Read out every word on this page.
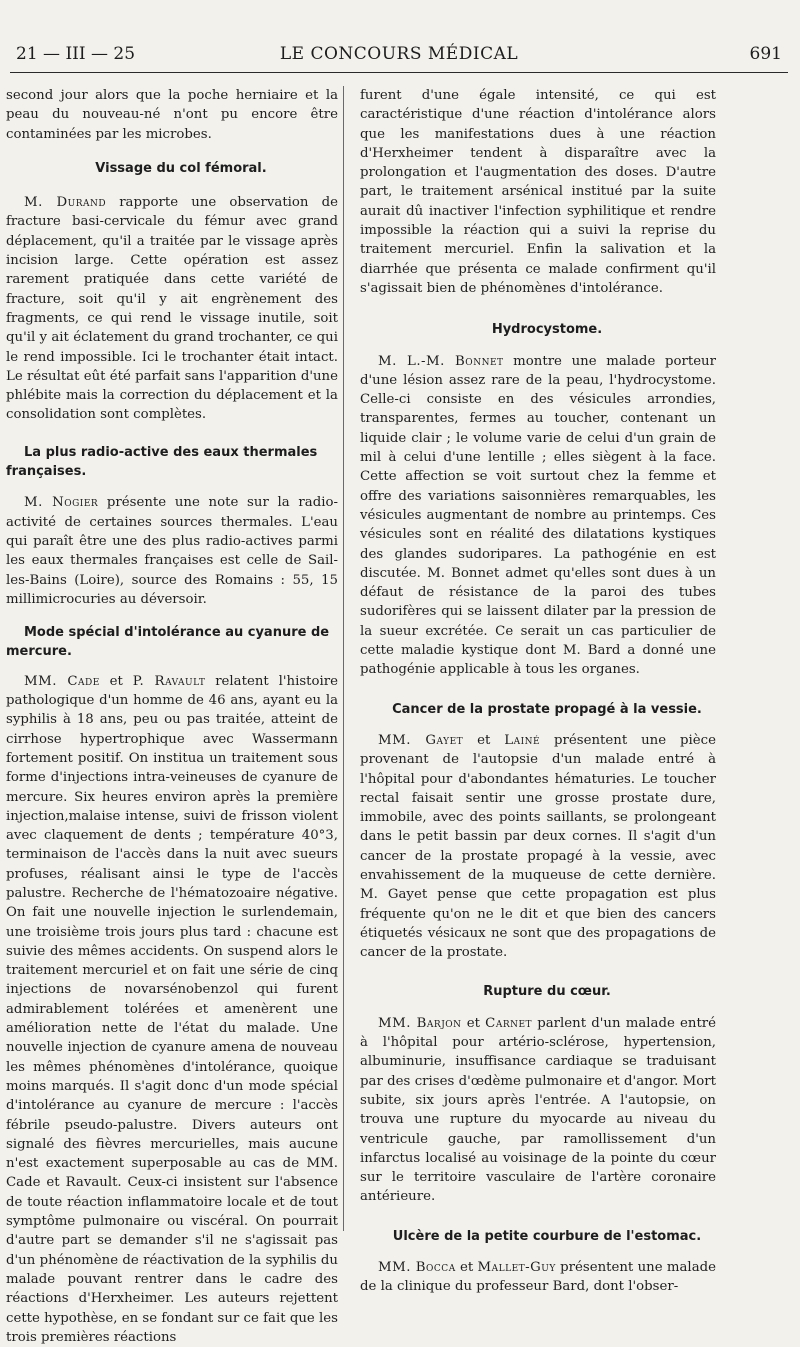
21 — III — 25	LE CONCOURS MÉDICAL	691

second jour alors que la poche herniaire et la peau du nouveau-né n'ont pu encore être contaminées par les microbes.

Vissage du col fémoral.

M. Durand rapporte une observation de fracture basi-cervicale du fémur avec grand déplacement, qu'il a traitée par le vissage après incision large. Cette opération est assez rarement pratiquée dans cette variété de fracture, soit qu'il y ait engrènement des fragments, ce qui rend le vissage inutile, soit qu'il y ait éclatement du grand trochanter, ce qui le rend impossible. Ici le trochanter était intact. Le résultat eût été parfait sans l'apparition d'une phlébite mais la correction du déplacement et la consolidation sont complètes.

La plus radio-active des eaux thermales françaises.

M. Nogier présente une note sur la radio-activité de certaines sources thermales. L'eau qui paraît être une des plus radio-actives parmi les eaux thermales françaises est celle de Sail-les-Bains (Loire), source des Romains : 55, 15 millimicrocuries au déversoir.

Mode spécial d'intolérance au cyanure de mercure.

MM. Cade et P. Ravault relatent l'histoire pathologique d'un homme de 46 ans, ayant eu la syphilis à 18 ans, peu ou pas traitée, atteint de cirrhose hypertrophique avec Wassermann fortement positif. On institua un traitement sous forme d'injections intra-veineuses de cyanure de mercure. Six heures environ après la première injection,malaise intense, suivi de frisson violent avec claquement de dents ; température 40°3, terminaison de l'accès dans la nuit avec sueurs profuses, réalisant ainsi le type de l'accès palustre. Recherche de l'hématozoaire négative. On fait une nouvelle injection le surlendemain, une troisième trois jours plus tard : chacune est suivie des mêmes accidents. On suspend alors le traitement mercuriel et on fait une série de cinq injections de novarsénobenzol qui furent admirablement tolérées et amenèrent une amélioration nette de l'état du malade. Une nouvelle injection de cyanure amena de nouveau les mêmes phénomènes d'intolérance, quoique moins marqués. Il s'agit donc d'un mode spécial d'intolérance au cyanure de mercure : l'accès fébrile pseudo-palustre. Divers auteurs ont signalé des fièvres mercurielles, mais aucune n'est exactement superposable au cas de MM. Cade et Ravault. Ceux-ci insistent sur l'absence de toute réaction inflammatoire locale et de tout symptôme pulmonaire ou viscéral. On pourrait d'autre part se demander s'il ne s'agissait pas d'un phénomène de réactivation de la syphilis du malade pouvant rentrer dans le cadre des réactions d'Herxheimer. Les auteurs rejettent cette hypothèse, en se fondant sur ce fait que les trois premières réactions

furent d'une égale intensité, ce qui est caractéristique d'une réaction d'intolérance alors que les manifestations dues à une réaction d'Herxheimer tendent à disparaître avec la prolongation et l'augmentation des doses. D'autre part, le traitement arsénical institué par la suite aurait dû inactiver l'infection syphilitique et rendre impossible la réaction qui a suivi la reprise du traitement mercuriel. Enfin la salivation et la diarrhée que présenta ce malade confirment qu'il s'agissait bien de phénomènes d'intolérance.

Hydrocystome.

M. L.-M. Bonnet montre une malade porteur d'une lésion assez rare de la peau, l'hydrocystome. Celle-ci consiste en des vésicules arrondies, transparentes, fermes au toucher, contenant un liquide clair ; le volume varie de celui d'un grain de mil à celui d'une lentille ; elles siègent à la face. Cette affection se voit surtout chez la femme et offre des variations saisonnières remarquables, les vésicules augmentant de nombre au printemps. Ces vésicules sont en réalité des dilatations kystiques des glandes sudoripares. La pathogénie en est discutée. M. Bonnet admet qu'elles sont dues à un défaut de résistance de la paroi des tubes sudorifères qui se laissent dilater par la pression de la sueur excrétée. Ce serait un cas particulier de cette maladie kystique dont M. Bard a donné une pathogénie applicable à tous les organes.

Cancer de la prostate propagé à la vessie.

MM. Gayet et Lainé présentent une pièce provenant de l'autopsie d'un malade entré à l'hôpital pour d'abondantes hématuries. Le toucher rectal faisait sentir une grosse prostate dure, immobile, avec des points saillants, se prolongeant dans le petit bassin par deux cornes. Il s'agit d'un cancer de la prostate propagé à la vessie, avec envahissement de la muqueuse de cette dernière. M. Gayet pense que cette propagation est plus fréquente qu'on ne le dit et que bien des cancers étiquetés vésicaux ne sont que des propagations de cancer de la prostate.

Rupture du cœur.

MM. Barjon et Carnet parlent d'un malade entré à l'hôpital pour artério-sclérose, hypertension, albuminurie, insuffisance cardiaque se traduisant par des crises d'œdème pulmonaire et d'angor. Mort subite, six jours après l'entrée. A l'autopsie, on trouva une rupture du myocarde au niveau du ventricule gauche, par ramollissement d'un infarctus localisé au voisinage de la pointe du cœur sur le territoire vasculaire de l'artère coronaire antérieure.

Ulcère de la petite courbure de l'estomac.

MM. Bocca et Mallet-Guy présentent une malade de la clinique du professeur Bard, dont l'obser-
